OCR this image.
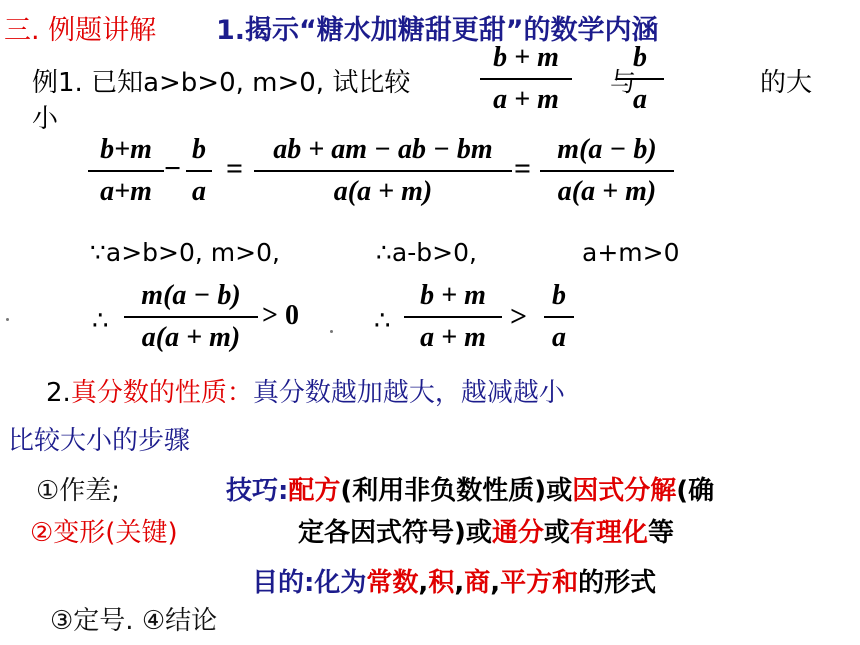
三. 例题讲解 1.揭示“糖水加糖甜更甜”的数学内涵
例1. 已知a>b>0, m>0, 试比较
b + m
a + m
与
b
a
的大
小
b+m
a+m
−
b
a
=
ab + am − ab − bm
a(a + m)
=
m(a − b)
a(a + m)
∵a>b>0, m>0,	∴a-b>0,	a+m>0
∴
m(a − b)
a(a + m)
> 0	∴
b + m
a + m
>
b
a
2.真分数的性质：真分数越加越大，越减越小
比较大小的步骤
①作差;
②变形(关键)
技巧:配方(利用非负数性质)或因式分解(确
定各因式符号)或通分或有理化等
目的:化为常数,积,商,平方和的形式
③定号. ④结论
